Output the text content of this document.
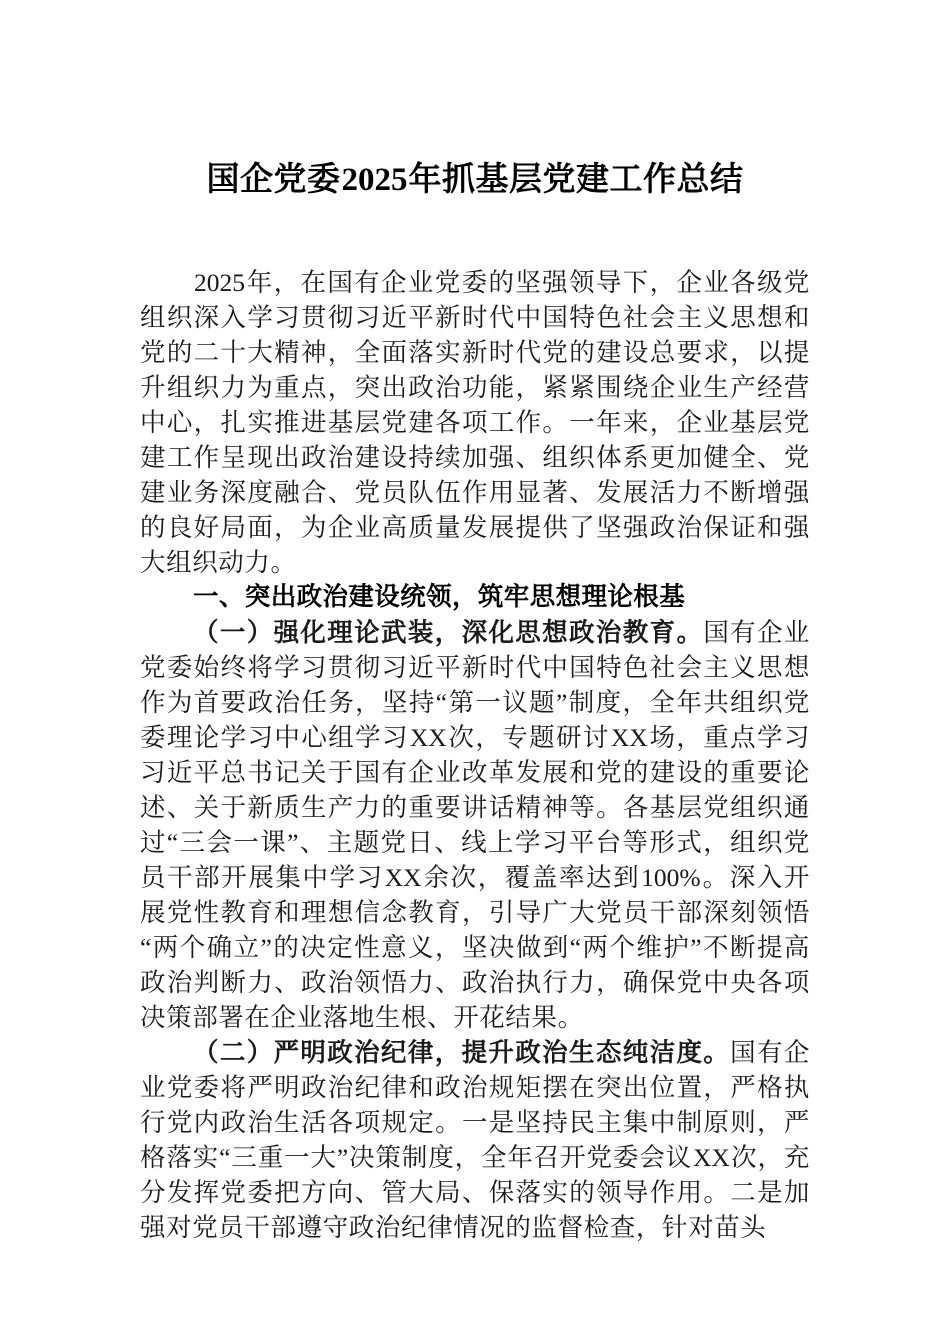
国企党委2025年抓基层党建工作总结

2025年，在国有企业党委的坚强领导下，企业各级党组织深入学习贯彻习近平新时代中国特色社会主义思想和党的二十大精神，全面落实新时代党的建设总要求，以提升组织力为重点，突出政治功能，紧紧围绕企业生产经营中心，扎实推进基层党建各项工作。一年来，企业基层党建工作呈现出政治建设持续加强、组织体系更加健全、党建业务深度融合、党员队伍作用显著、发展活力不断增强的良好局面，为企业高质量发展提供了坚强政治保证和强大组织动力。

一、突出政治建设统领，筑牢思想理论根基

（一）强化理论武装，深化思想政治教育。国有企业党委始终将学习贯彻习近平新时代中国特色社会主义思想作为首要政治任务，坚持“第一议题”制度，全年共组织党委理论学习中心组学习XX次，专题研讨XX场，重点学习习近平总书记关于国有企业改革发展和党的建设的重要论述、关于新质生产力的重要讲话精神等。各基层党组织通过“三会一课”、主题党日、线上学习平台等形式，组织党员干部开展集中学习XX余次，覆盖率达到100%。深入开展党性教育和理想信念教育，引导广大党员干部深刻领悟“两个确立”的决定性意义，坚决做到“两个维护”不断提高政治判断力、政治领悟力、政治执行力，确保党中央各项决策部署在企业落地生根、开花结果。

（二）严明政治纪律，提升政治生态纯洁度。国有企业党委将严明政治纪律和政治规矩摆在突出位置，严格执行党内政治生活各项规定。一是坚持民主集中制原则，严格落实“三重一大”决策制度，全年召开党委会议XX次，充分发挥党委把方向、管大局、保落实的领导作用。二是加强对党员干部遵守政治纪律情况的监督检查，针对苗头
